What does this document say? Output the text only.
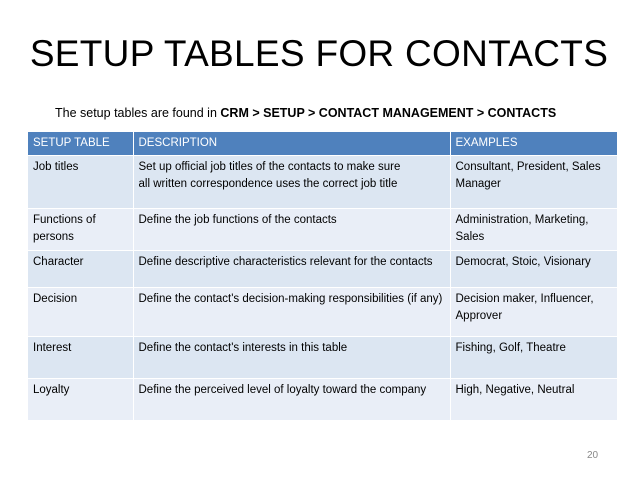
SETUP TABLES FOR CONTACTS
The setup tables are found in CRM > SETUP > CONTACT MANAGEMENT > CONTACTS
SETUP TABLE	DESCRIPTION	EXAMPLES
Job titles	Set up official job titles of the contacts to make sure all written correspondence uses the correct job title	Consultant, President, Sales Manager
Functions of persons	Define the job functions of the contacts	Administration, Marketing, Sales
Character	Define descriptive characteristics relevant for the contacts	Democrat, Stoic, Visionary
Decision	Define the contact's decision-making responsibilities (if any)	Decision maker, Influencer, Approver
Interest	Define the contact's interests in this table	Fishing, Golf, Theatre
Loyalty	Define the perceived level of loyalty toward the company	High, Negative, Neutral
20
